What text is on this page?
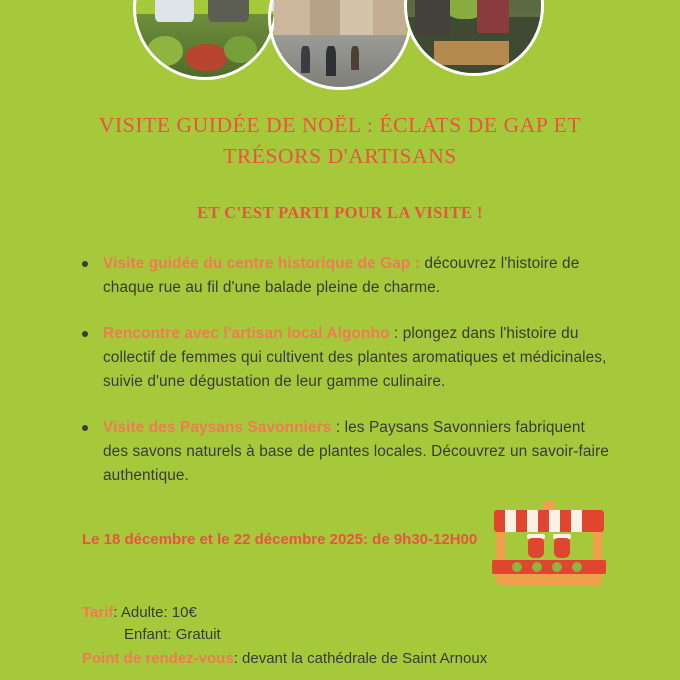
VISITE GUIDÉE DE NOËL : ÉCLATS DE GAP ET
TRÉSORS D'ARTISANS
ET C'EST PARTI POUR LA VISITE !
Visite guidée du centre historique de Gap : découvrez l'histoire de chaque rue au fil d'une balade pleine de charme.
Rencontre avec l'artisan local Algonho : plongez dans l'histoire du collectif de femmes qui cultivent des plantes aromatiques et médicinales, suivie d'une dégustation de leur gamme culinaire.
Visite des Paysans Savonniers : les Paysans Savonniers fabriquent des savons naturels à base de plantes locales. Découvrez un savoir-faire authentique.
Le 18 décembre et le 22 décembre 2025: de 9h30-12H00
Tarif: Adulte: 10€
Enfant: Gratuit
Point de rendez-vous: devant la cathédrale de Saint Arnoux
